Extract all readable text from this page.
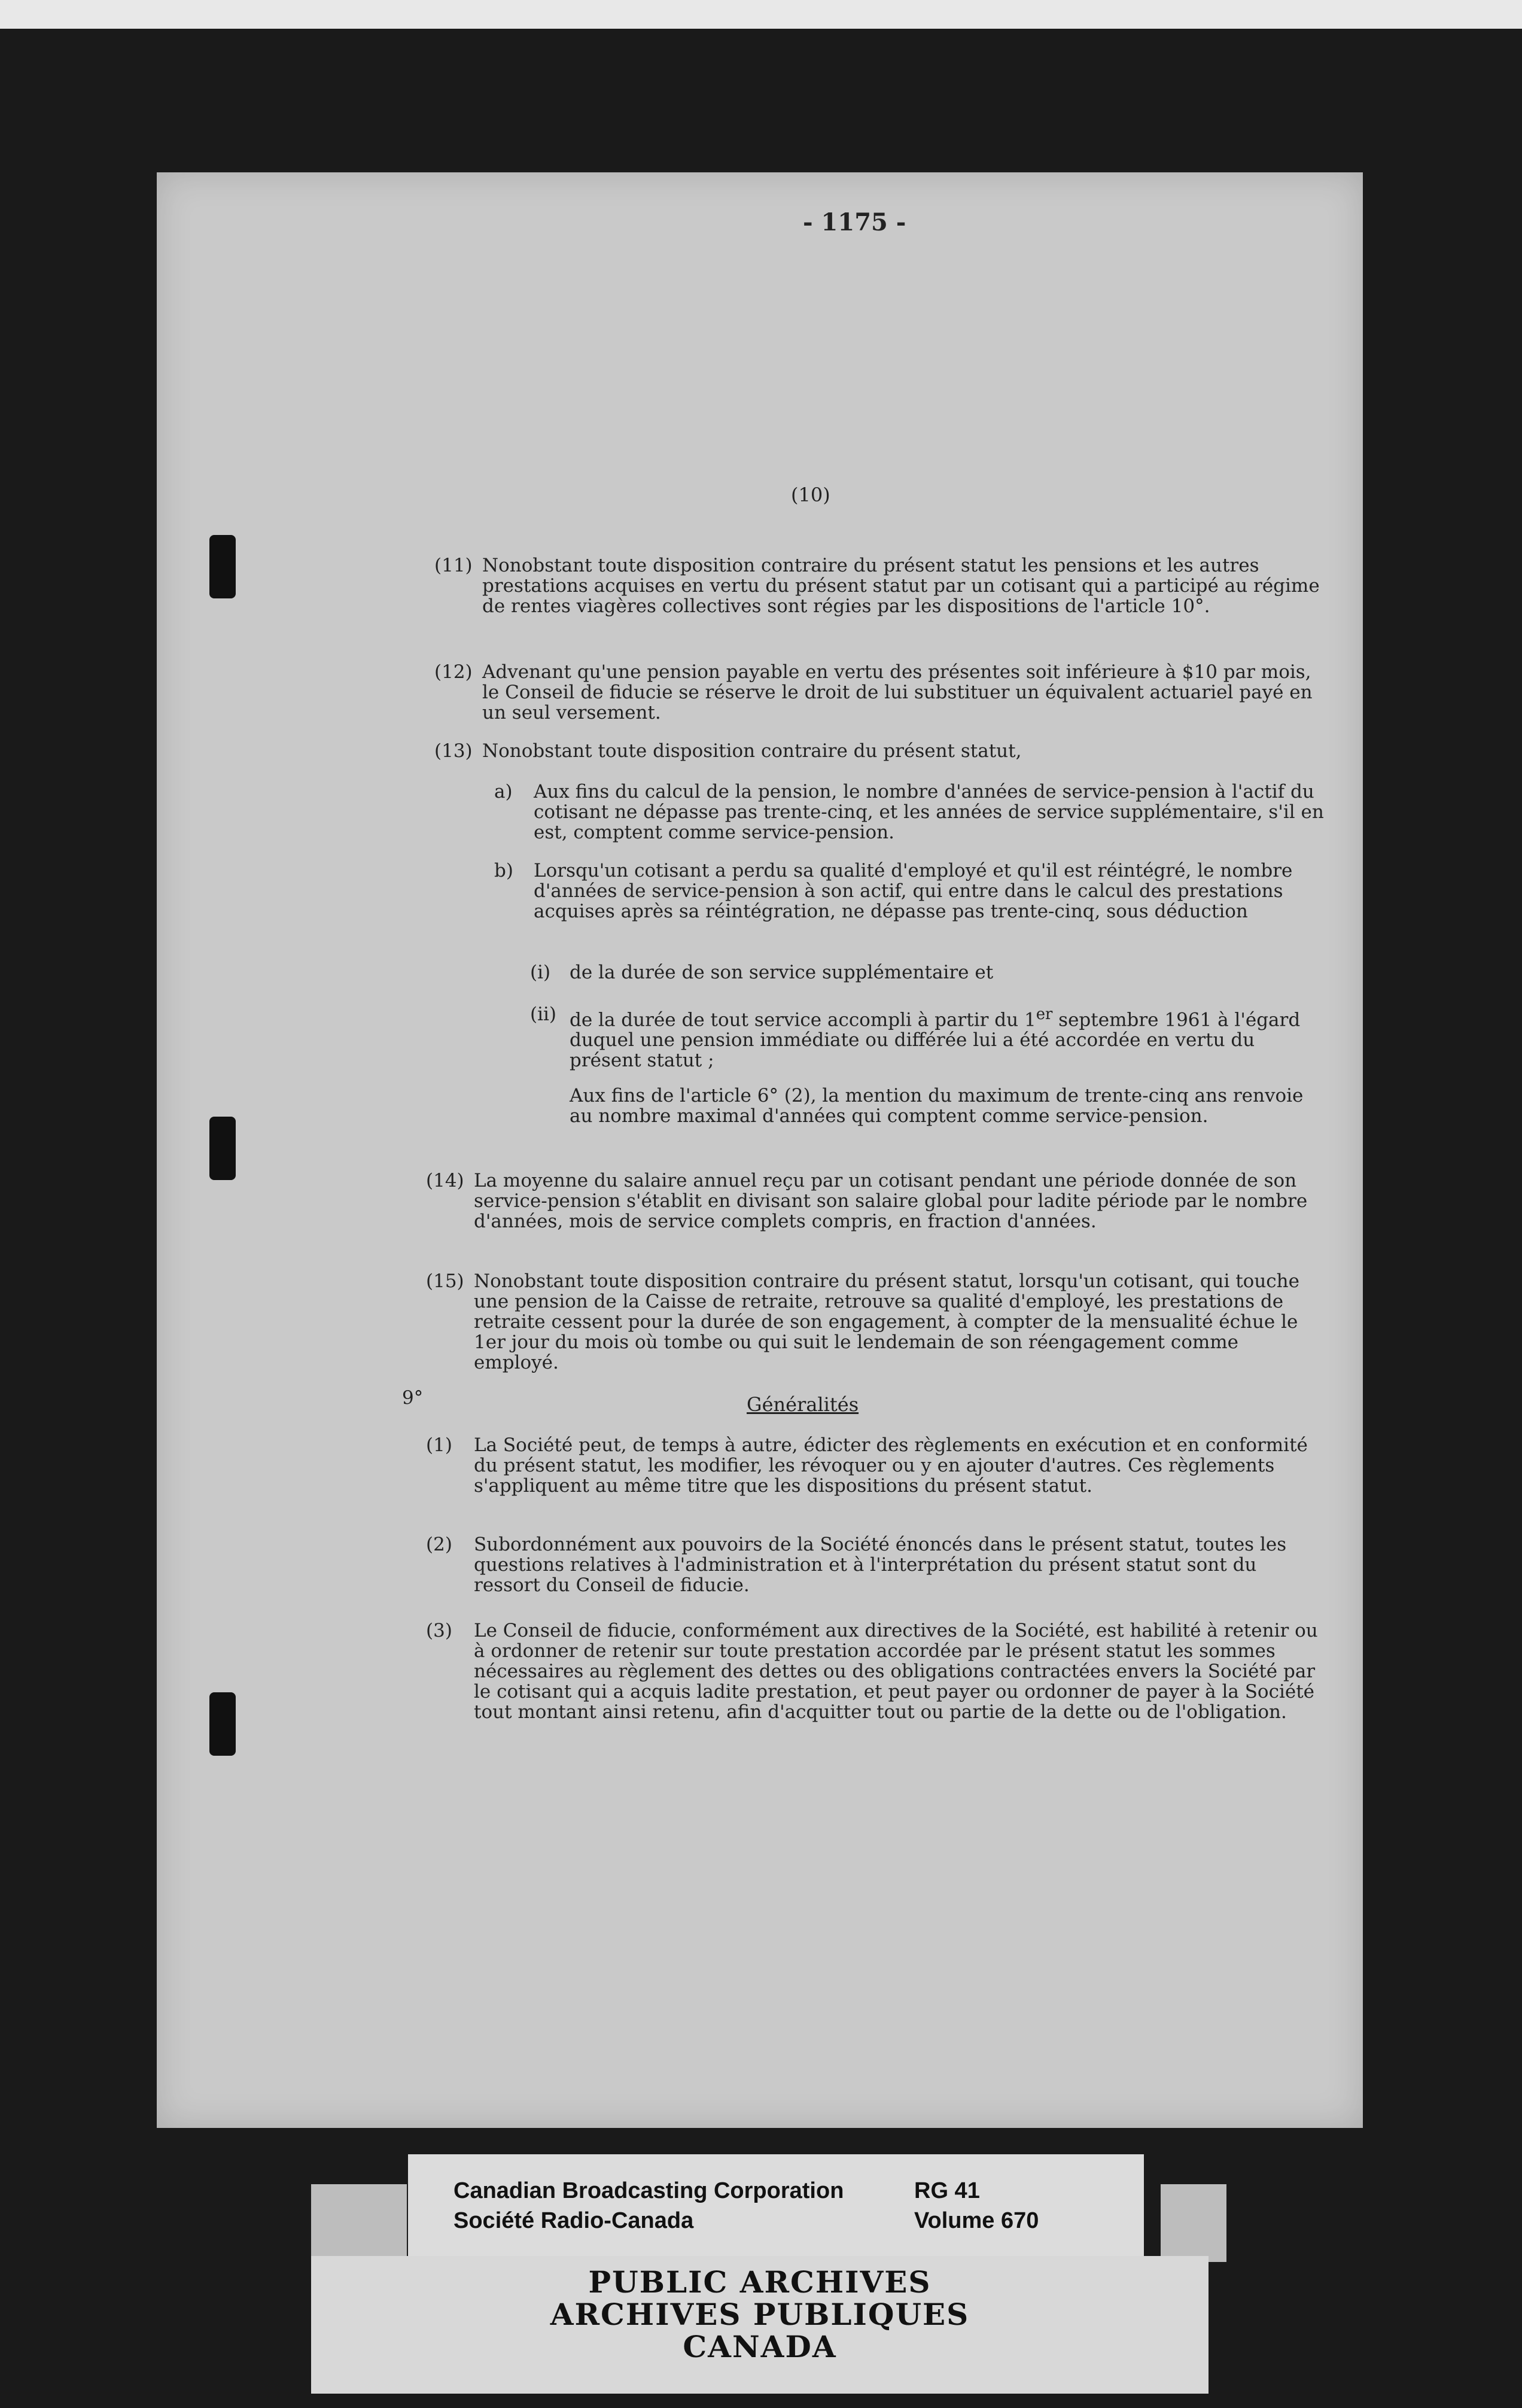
- 1175 -
(10)
(11) Nonobstant toute disposition contraire du présent statut les pensions et les autres prestations acquises en vertu du présent statut par un cotisant qui a participé au régime de rentes viagères collectives sont régies par les dispositions de l'article 10°.
(12) Advenant qu'une pension payable en vertu des présentes soit inférieure à $10 par mois, le Conseil de fiducie se réserve le droit de lui substituer un équivalent actuariel payé en un seul versement.
(13) Nonobstant toute disposition contraire du présent statut,
a) Aux fins du calcul de la pension, le nombre d'années de service-pension à l'actif du cotisant ne dépasse pas trente-cinq, et les années de service supplémentaire, s'il en est, comptent comme service-pension.
b) Lorsqu'un cotisant a perdu sa qualité d'employé et qu'il est réintégré, le nombre d'années de service-pension à son actif, qui entre dans le calcul des prestations acquises après sa réintégration, ne dépasse pas trente-cinq, sous déduction
(i) de la durée de son service supplémentaire et
(ii) de la durée de tout service accompli à partir du 1er septembre 1961 à l'égard duquel une pension immédiate ou différée lui a été accordée en vertu du présent statut ;
Aux fins de l'article 6° (2), la mention du maximum de trente-cinq ans renvoie au nombre maximal d'années qui comptent comme service-pension.
(14) La moyenne du salaire annuel reçu par un cotisant pendant une période donnée de son service-pension s'établit en divisant son salaire global pour ladite période par le nombre d'années, mois de service complets compris, en fraction d'années.
(15) Nonobstant toute disposition contraire du présent statut, lorsqu'un cotisant, qui touche une pension de la Caisse de retraite, retrouve sa qualité d'employé, les prestations de retraite cessent pour la durée de son engagement, à compter de la mensualité échue le 1er jour du mois où tombe ou qui suit le lendemain de son réengagement comme employé.
9°	Généralités
(1)	La Société peut, de temps à autre, édicter des règlements en exécution et en conformité du présent statut, les modifier, les révoquer ou y en ajouter d'autres. Ces règlements s'appliquent au même titre que les dispositions du présent statut.
(2)	Subordonnément aux pouvoirs de la Société énoncés dans le présent statut, toutes les questions relatives à l'administration et à l'interprétation du présent statut sont du ressort du Conseil de fiducie.
(3)	Le Conseil de fiducie, conformément aux directives de la Société, est habilité à retenir ou à ordonner de retenir sur toute prestation accordée par le présent statut les sommes nécessaires au règlement des dettes ou des obligations contractées envers la Société par le cotisant qui a acquis ladite prestation, et peut payer ou ordonner de payer à la Société tout montant ainsi retenu, afin d'acquitter tout ou partie de la dette ou de l'obligation.
Canadian Broadcasting Corporation
Société Radio-Canada
RG 41
Volume 670
PUBLIC ARCHIVES
ARCHIVES PUBLIQUES
CANADA
